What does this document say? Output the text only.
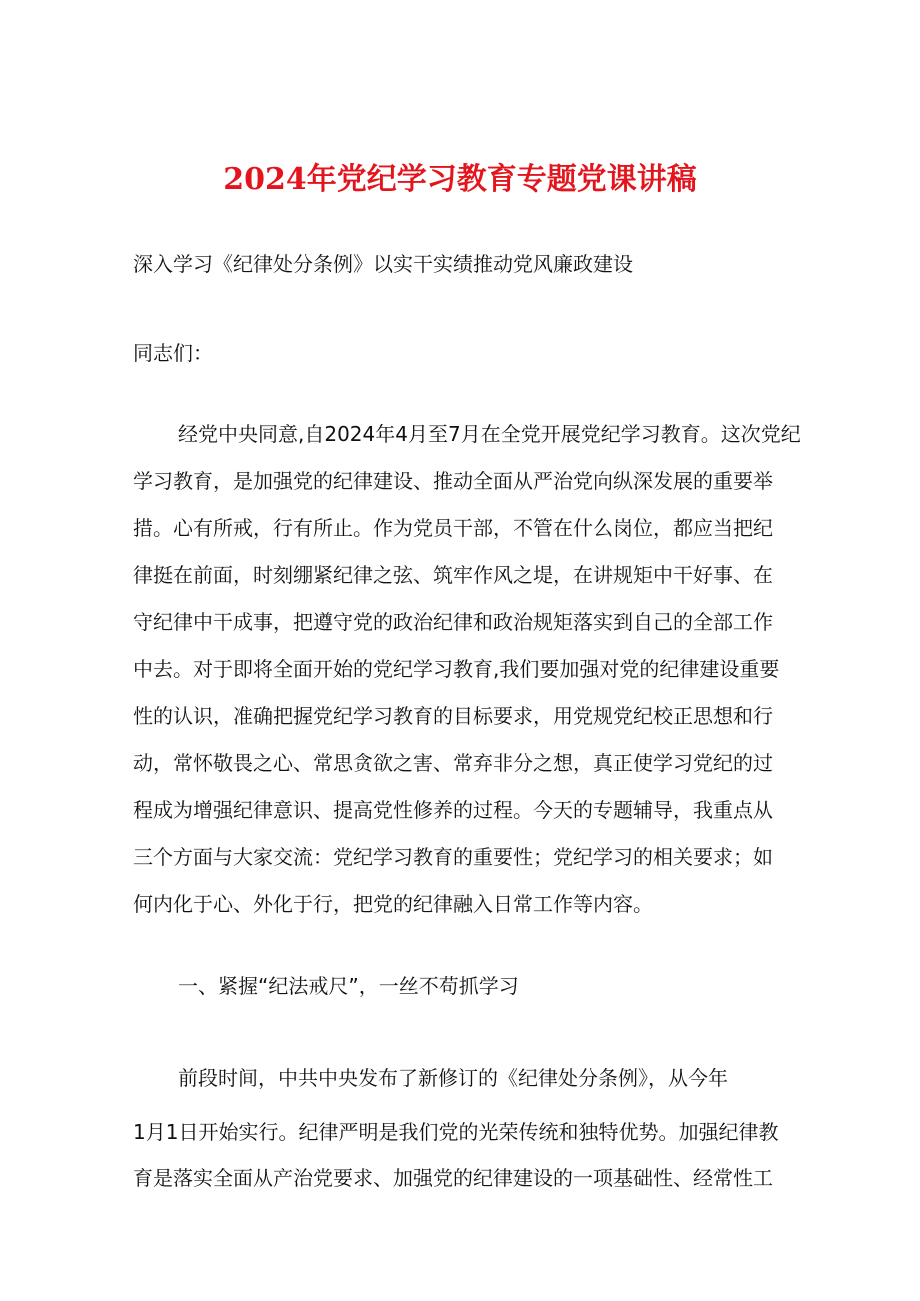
2024年党纪学习教育专题党课讲稿
深入学习《纪律处分条例》以实干实绩推动党风廉政建设
同志们：
经党中央同意,自2024年4月至7月在全党开展党纪学习教育。这次党纪
学习教育，是加强党的纪律建设、推动全面从严治党向纵深发展的重要举
措。心有所戒，行有所止。作为党员干部，不管在什么岗位，都应当把纪
律挺在前面，时刻绷紧纪律之弦、筑牢作风之堤，在讲规矩中干好事、在
守纪律中干成事，把遵守党的政治纪律和政治规矩落实到自己的全部工作
中去。对于即将全面开始的党纪学习教育,我们要加强对党的纪律建设重要
性的认识，准确把握党纪学习教育的目标要求，用党规党纪校正思想和行
动，常怀敬畏之心、常思贪欲之害、常弃非分之想，真正使学习党纪的过
程成为增强纪律意识、提高党性修养的过程。今天的专题辅导，我重点从
三个方面与大家交流：党纪学习教育的重要性；党纪学习的相关要求；如
何内化于心、外化于行，把党的纪律融入日常工作等内容。
一、紧握“纪法戒尺”，一丝不苟抓学习
前段时间，中共中央发布了新修订的《纪律处分条例》，从今年
1月1日开始实行。纪律严明是我们党的光荣传统和独特优势。加强纪律教
育是落实全面从产治党要求、加强党的纪律建设的一项基础性、经常性工
